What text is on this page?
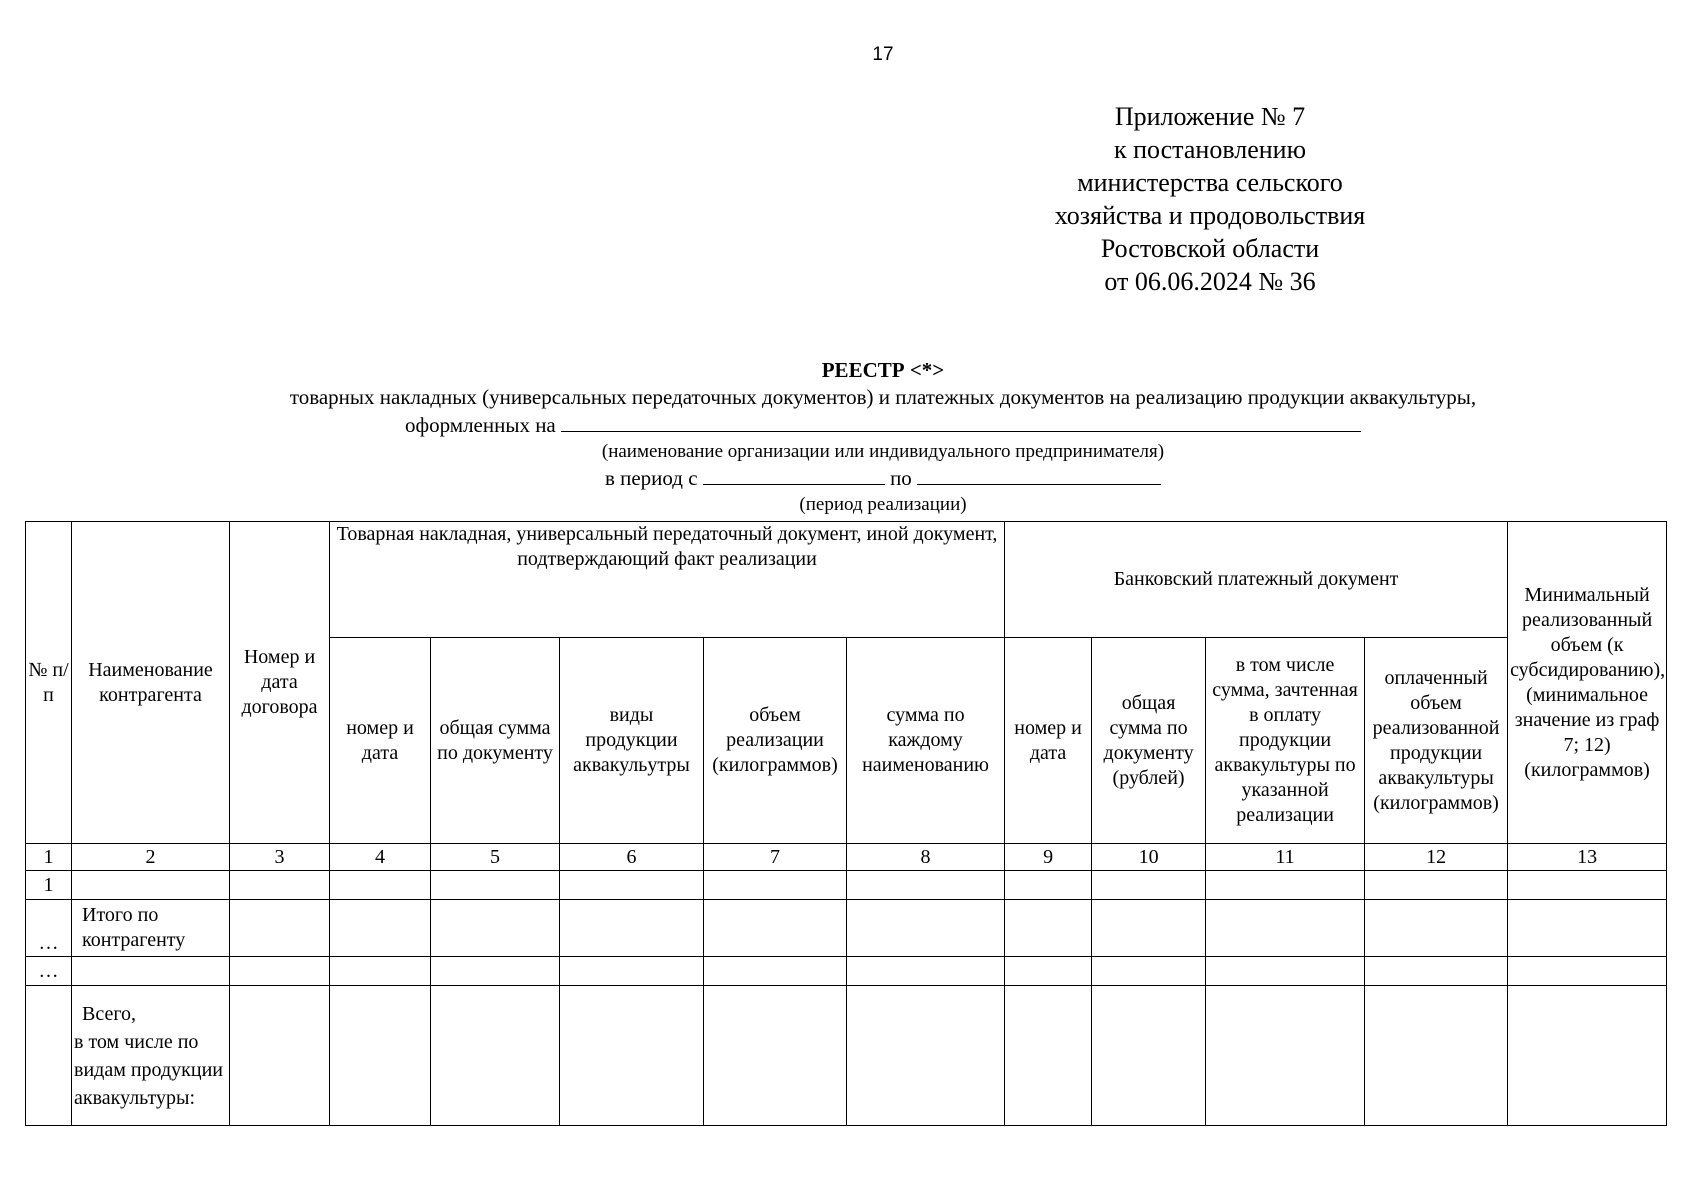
17
Приложение № 7
к постановлению
министерства сельского
хозяйства и продовольствия
Ростовской области
от 06.06.2024 № 36
РЕЕСТР <*>
товарных накладных (универсальных передаточных документов) и платежных документов на реализацию продукции аквакультуры,
оформленных на
(наименование организации или индивидуального предпринимателя)
в период с	по
(период реализации)
№ п/п	Наименование контрагента	Номер и дата договора	Товарная накладная, универсальный передаточный документ, иной документ, подтверждающий факт реализации					Банковский платежный документ				Минимальный реализованный объем (к субсидированию), (минимальное значение из граф 7; 12) (килограммов)
			номер и дата	общая сумма по документу	виды продукции аквакульутры	объем реализации (килограммов)	сумма по каждому наименованию	номер и дата	общая сумма по документу (рублей)	в том числе сумма, зачтенная в оплату продукции аквакультуры по указанной реализации	оплаченный объем реализованной продукции аквакультуры (килограммов)	
1	2	3	4	5	6	7	8	9	10	11	12	13
1												
…	Итого по контрагенту											
…												

	Всего,
в том числе по видам продукции аквакультуры:											
